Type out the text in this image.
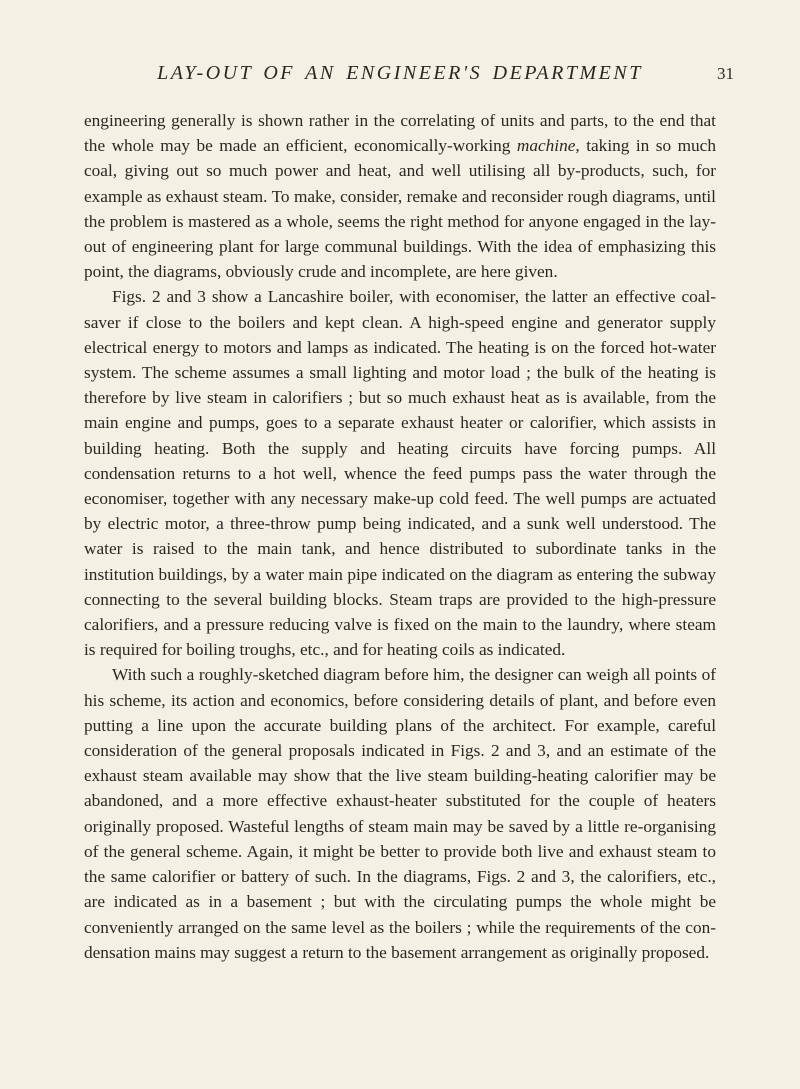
LAY-OUT OF AN ENGINEER'S DEPARTMENT	31

engineering generally is shown rather in the correlating of units and parts, to the end that the whole may be made an efficient, economically-working machine, taking in so much coal, giving out so much power and heat, and well utilising all by-products, such, for example as exhaust steam. To make, consider, remake and reconsider rough diagrams, until the problem is mastered as a whole, seems the right method for anyone engaged in the lay-out of engineering plant for large communal buildings. With the idea of emphasizing this point, the diagrams, obviously crude and incomplete, are here given.

Figs. 2 and 3 show a Lancashire boiler, with economiser, the latter an effective coal-saver if close to the boilers and kept clean. A high-speed engine and generator supply electrical energy to motors and lamps as indicated. The heating is on the forced hot-water system. The scheme assumes a small lighting and motor load ; the bulk of the heating is therefore by live steam in calorifiers ; but so much exhaust heat as is available, from the main engine and pumps, goes to a separate exhaust heater or calorifier, which assists in building heating. Both the supply and heating circuits have forcing pumps. All condensation returns to a hot well, whence the feed pumps pass the water through the economiser, together with any necessary make-up cold feed. The well pumps are actuated by electric motor, a three-throw pump being indicated, and a sunk well understood. The water is raised to the main tank, and hence distributed to subordinate tanks in the institution buildings, by a water main pipe indicated on the diagram as entering the subway connecting to the several building blocks. Steam traps are provided to the high-pressure calorifiers, and a pressure reducing valve is fixed on the main to the laundry, where steam is required for boiling troughs, etc., and for heating coils as indicated.

With such a roughly-sketched diagram before him, the designer can weigh all points of his scheme, its action and economics, before considering details of plant, and before even putting a line upon the accurate building plans of the architect. For example, careful consideration of the general proposals indicated in Figs. 2 and 3, and an estimate of the exhaust steam available may show that the live steam building-heating calorifier may be abandoned, and a more effective exhaust-heater substituted for the couple of heaters originally proposed. Wasteful lengths of steam main may be saved by a little re-organising of the general scheme. Again, it might be better to provide both live and exhaust steam to the same calorifier or battery of such. In the diagrams, Figs. 2 and 3, the calorifiers, etc., are indicated as in a basement ; but with the circulating pumps the whole might be conveniently arranged on the same level as the boilers ; while the requirements of the con-densation mains may suggest a return to the basement arrangement as originally proposed.
